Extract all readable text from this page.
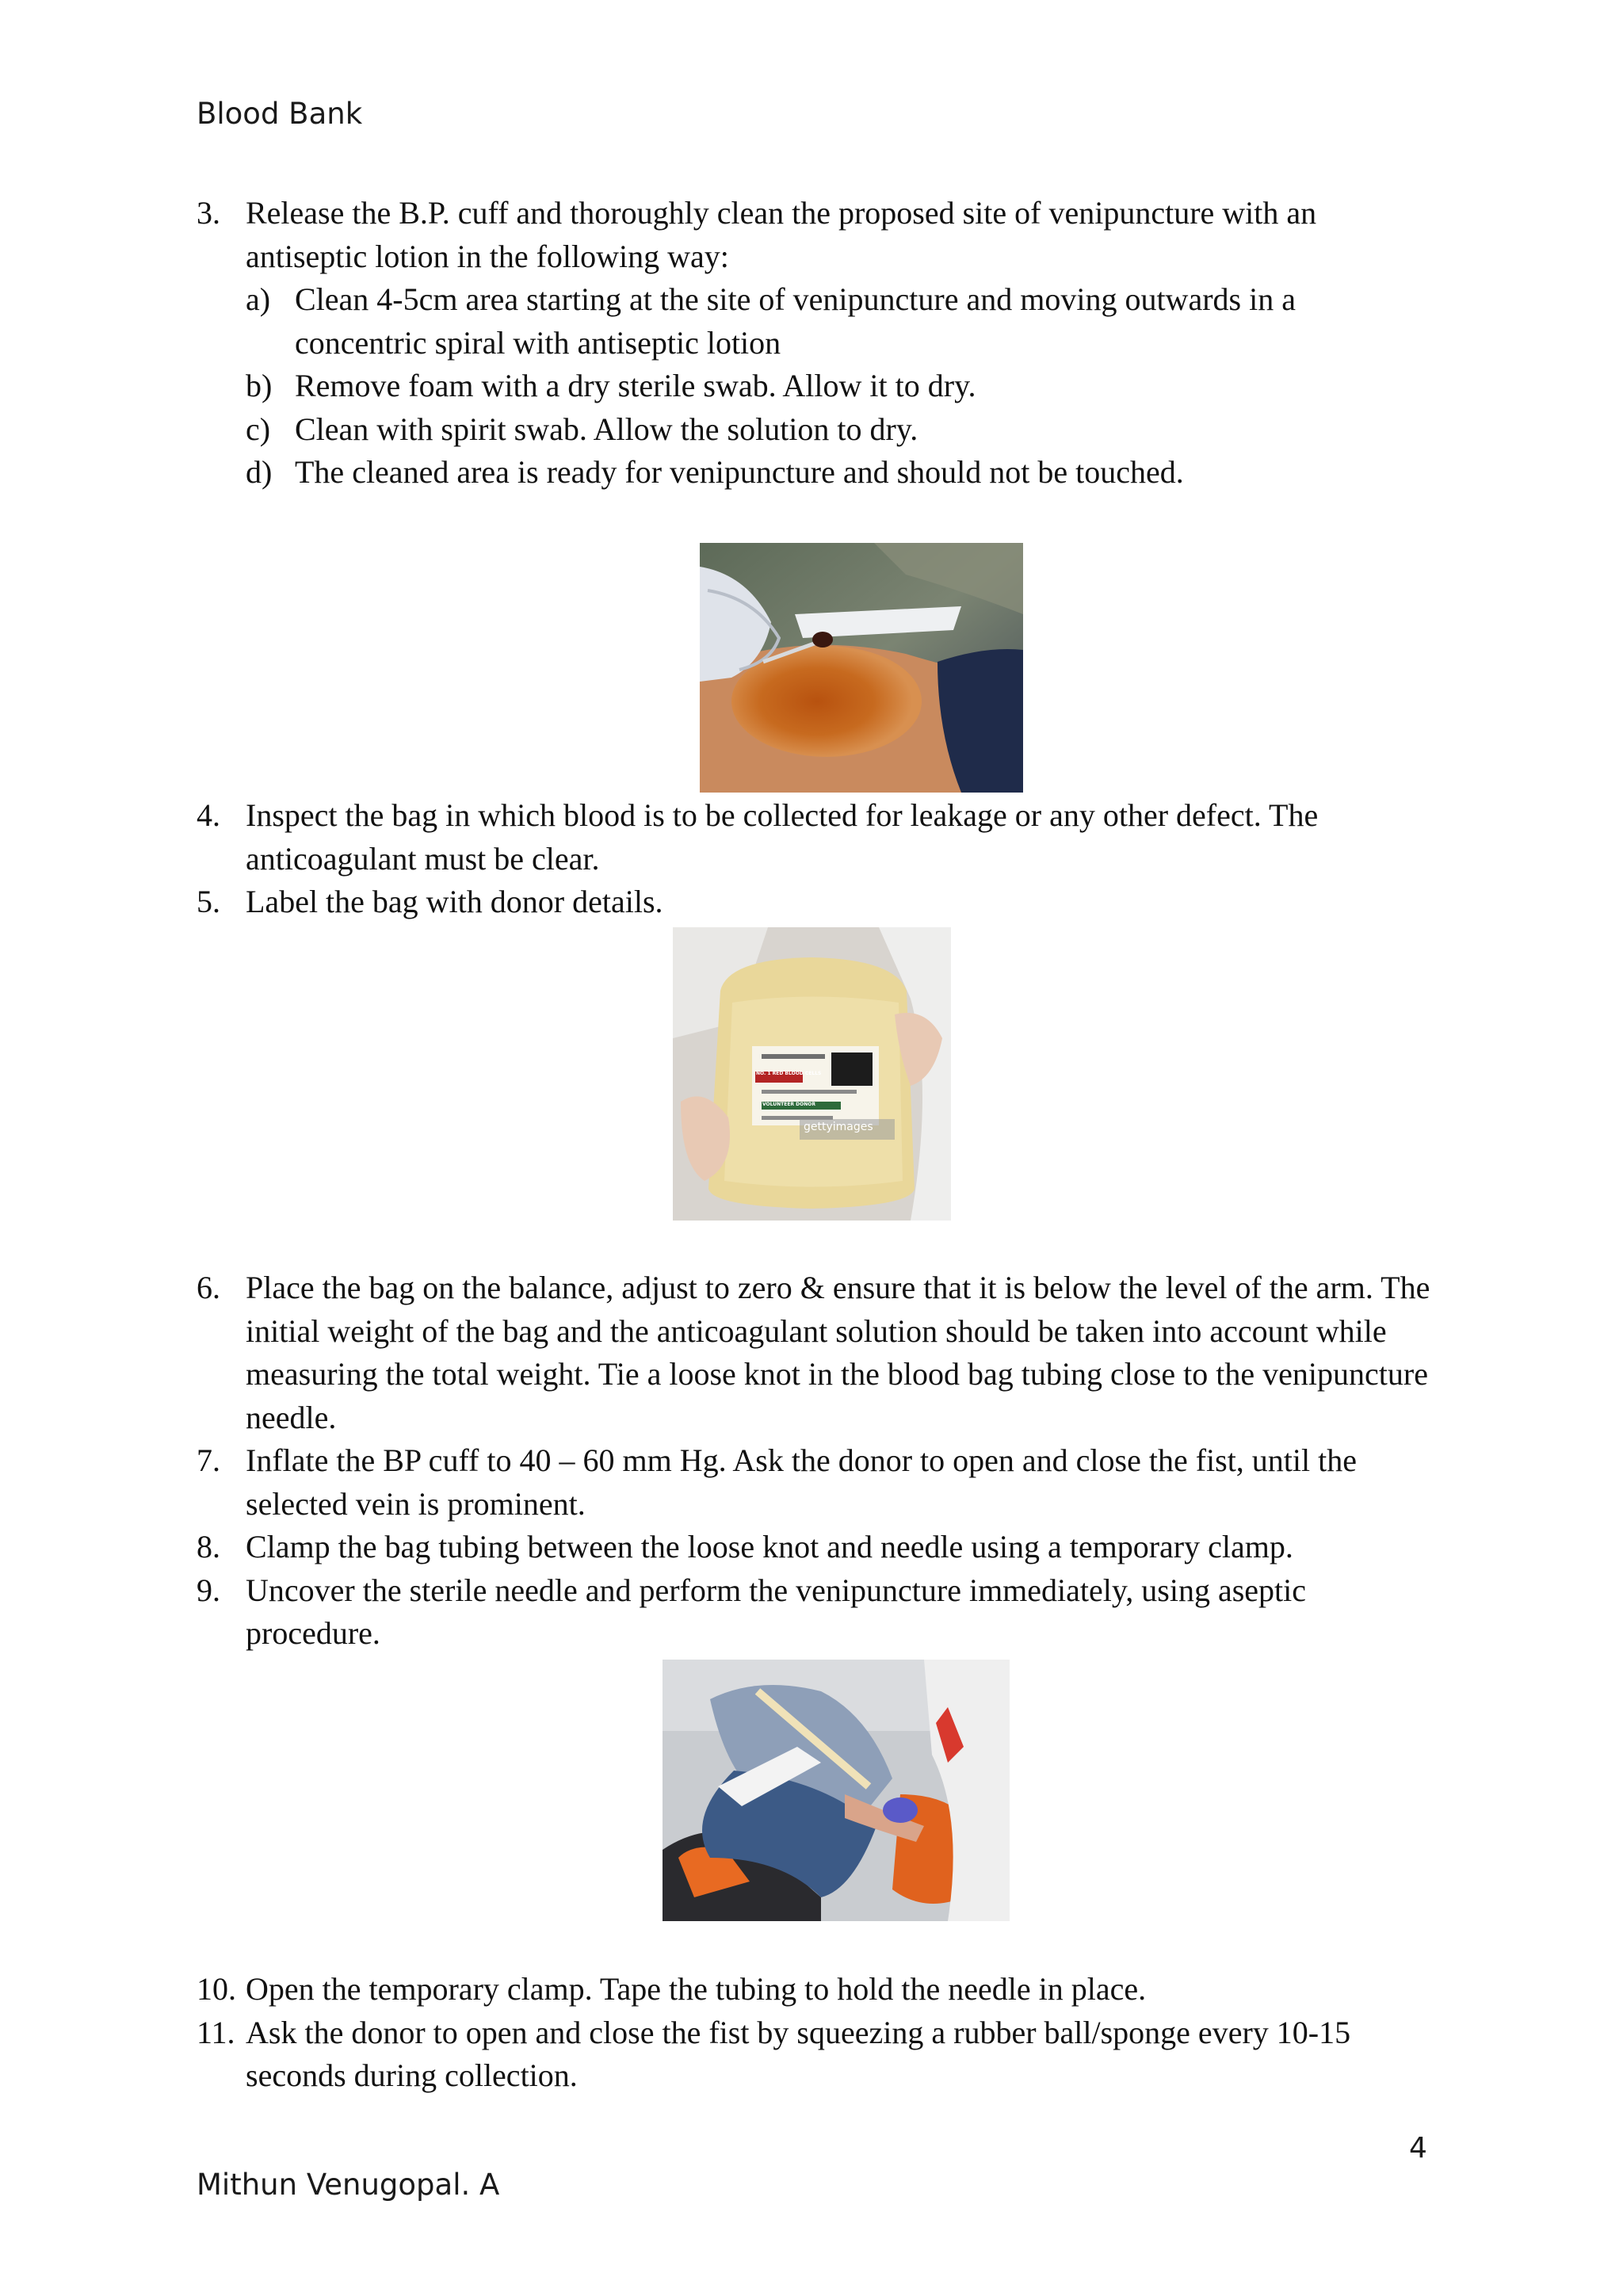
Blood Bank
3. Release the B.P. cuff and thoroughly clean the proposed site of venipuncture with an antiseptic lotion in the following way:
a) Clean 4-5cm area starting at the site of venipuncture and moving outwards in a concentric spiral with antiseptic lotion
b) Remove foam with a dry sterile swab. Allow it to dry.
c) Clean with spirit swab. Allow the solution to dry.
d) The cleaned area is ready for venipuncture and should not be touched.
4. Inspect the bag in which blood is to be collected for leakage or any other defect. The anticoagulant must be clear.
5. Label the bag with donor details.
NO. 1 RED BLOOD CELLS
VOLUNTEER DONOR
gettyimages
6. Place the bag on the balance, adjust to zero & ensure that it is below the level of the arm. The initial weight of the bag and the anticoagulant solution should be taken into account while measuring the total weight. Tie a loose knot in the blood bag tubing close to the venipuncture needle.
7. Inflate the BP cuff to 40 – 60 mm Hg. Ask the donor to open and close the fist, until the selected vein is prominent.
8. Clamp the bag tubing between the loose knot and needle using a temporary clamp.
9. Uncover the sterile needle and perform the venipuncture immediately, using aseptic procedure.
10. Open the temporary clamp. Tape the tubing to hold the needle in place.
11. Ask the donor to open and close the fist by squeezing a rubber ball/sponge every 10-15 seconds during collection.
4
Mithun Venugopal. A
